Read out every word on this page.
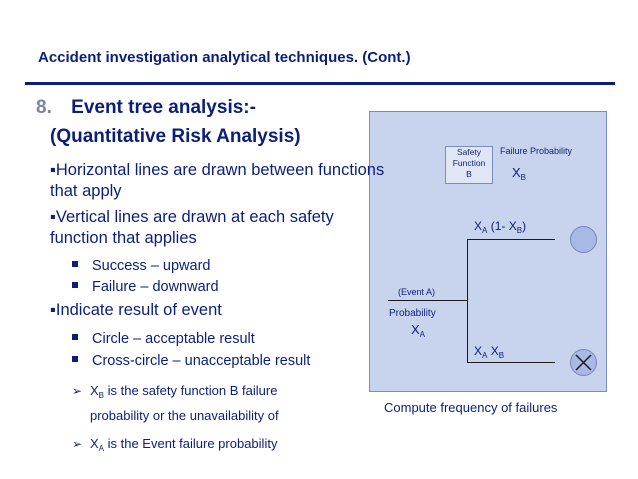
Accident investigation analytical techniques. (Cont.)
8. Event tree analysis:-
(Quantitative Risk Analysis)
▪Horizontal lines are drawn between functions that apply
▪Vertical lines are drawn at each safety function that applies
Success – upward
Failure – downward
▪Indicate result of event
Circle – acceptable result
Cross-circle – unacceptable result
➢ $X_B$ is the safety function B failure
probability or the unavailability of
➢ $X_A$ is the Event failure probability
Safety
Function
B
Failure Probability
$X_B$
$X_A$ (1- $X_B$)
$X_A$ $X_B$
(Event A)
Probability
$X_A$
Compute frequency of failures
